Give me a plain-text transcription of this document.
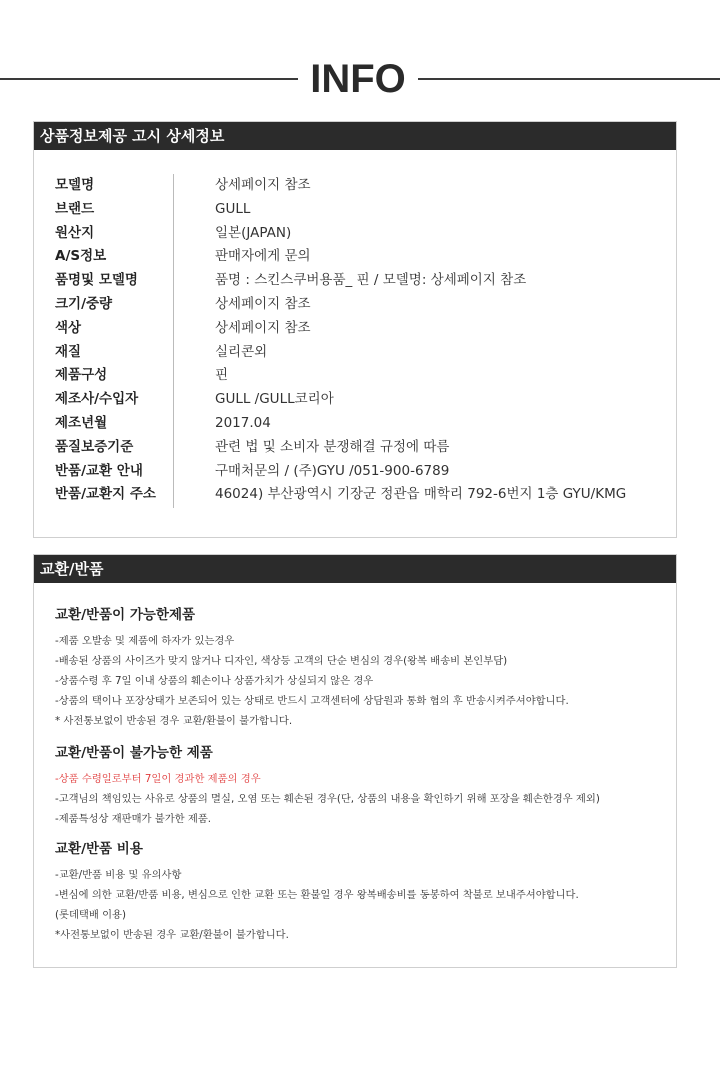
INFO
상품정보제공 고시 상세정보
모델명	상세페이지 참조
브랜드	GULL
원산지	일본(JAPAN)
A/S정보	판매자에게 문의
품명및 모델명	품명 : 스킨스쿠버용품_ 핀 / 모델명: 상세페이지 참조
크기/중량	상세페이지 참조
색상	상세페이지 참조
재질	실리콘외
제품구성	핀
제조사/수입자	GULL /GULL코리아
제조년월	2017.04
품질보증기준	관련 법 및 소비자 분쟁해결 규정에 따름
반품/교환 안내	구매처문의 / (주)GYU /051-900-6789
반품/교환지 주소	46024) 부산광역시 기장군 정관읍 매학리 792-6번지 1층 GYU/KMG
교환/반품
교환/반품이 가능한제품
-제품 오발송 및 제품에 하자가 있는경우
-배송된 상품의 사이즈가 맞지 않거나 디자인, 색상등 고객의 단순 변심의 경우(왕복 배송비 본인부담)
-상품수령 후 7일 이내 상품의 훼손이나 상품가치가 상실되지 않은 경우
-상품의 택이나 포장상태가 보존되어 있는 상태로 반드시 고객센터에 상담원과 통화 협의 후 반송시켜주셔야합니다.
* 사전통보없이 반송된 경우 교환/환불이 불가합니다.
교환/반품이 불가능한 제품
-상품 수령일로부터 7일이 경과한 제품의 경우
-고객님의 책임있는 사유로 상품의 멸실, 오염 또는 훼손된 경우(단, 상품의 내용을 확인하기 위해 포장을 훼손한경우 제외)
-제품특성상 재판매가 불가한 제품.
교환/반품 비용
-교환/반품 비용 및 유의사항
-변심에 의한 교환/반품 비용, 변심으로 인한 교환 또는 환불일 경우 왕복배송비를 동봉하여 착불로 보내주셔야합니다.
(롯데택배 이용)
*사전통보없이 반송된 경우 교환/환불이 불가합니다.
